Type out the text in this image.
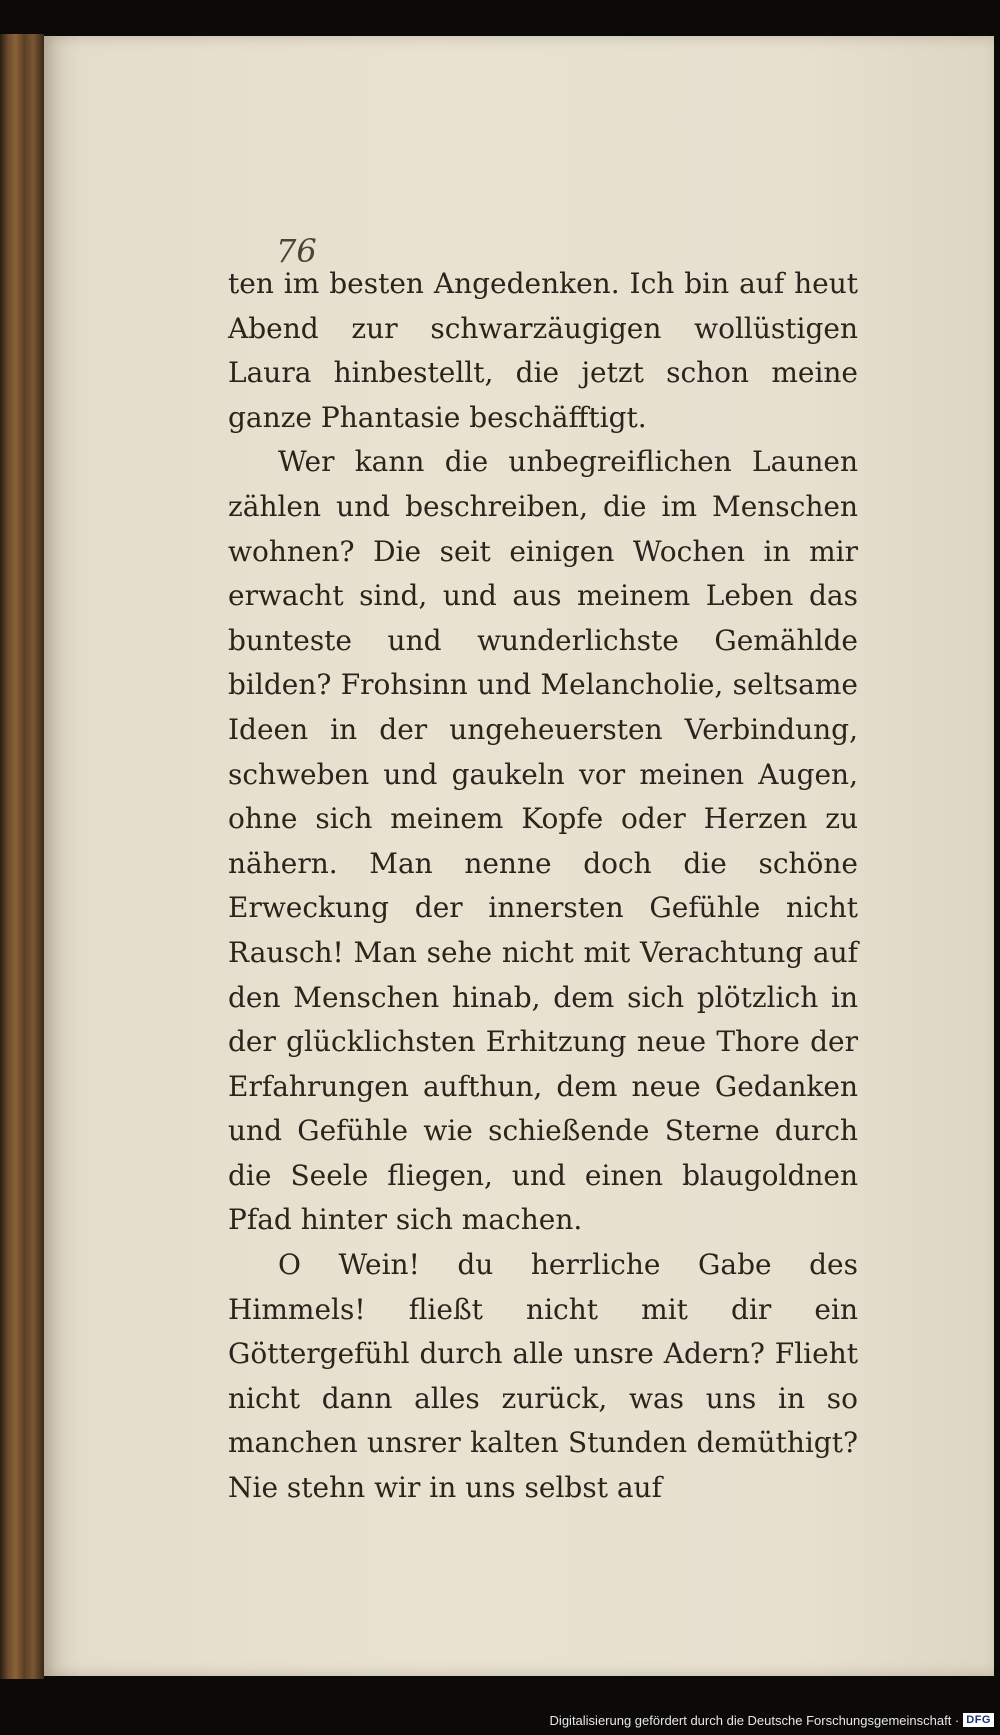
76

ten im besten Angedenken. Ich bin auf heut Abend zur schwarzäugigen wollüstigen Laura hinbestellt, die jetzt schon meine ganze Phantasie beschäfftigt.

Wer kann die unbegreiflichen Launen zählen und beschreiben, die im Menschen wohnen? Die seit einigen Wochen in mir erwacht sind, und aus meinem Leben das bunteste und wunderlichste Gemählde bilden? Frohsinn und Melancholie, seltsame Ideen in der ungeheuersten Verbindung, schweben und gaukeln vor meinen Augen, ohne sich meinem Kopfe oder Herzen zu nähern. Man nenne doch die schöne Erweckung der innersten Gefühle nicht Rausch! Man sehe nicht mit Verachtung auf den Menschen hinab, dem sich plötzlich in der glücklichsten Erhitzung neue Thore der Erfahrungen aufthun, dem neue Gedanken und Gefühle wie schießende Sterne durch die Seele fliegen, und einen blaugoldnen Pfad hinter sich machen.

O Wein! du herrliche Gabe des Himmels! fließt nicht mit dir ein Göttergefühl durch alle unsre Adern? Flieht nicht dann alles zurück, was uns in so manchen unsrer kalten Stunden demüthigt? Nie stehn wir in uns selbst auf

Digitalisierung gefördert durch die Deutsche Forschungsgemeinschaft · DFG
